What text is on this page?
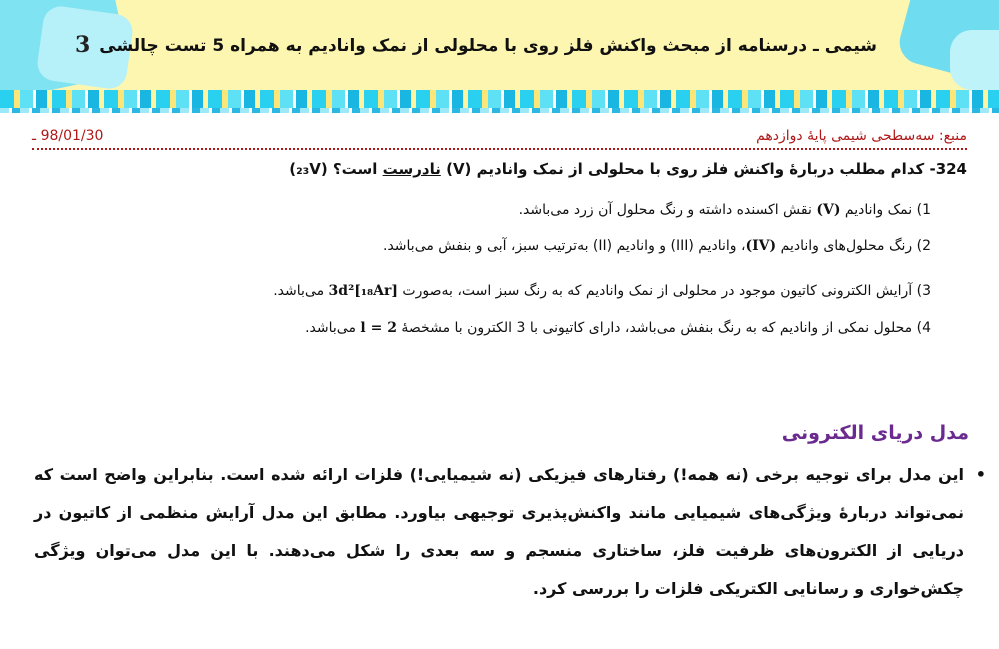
3 شیمی ـ درسنامه از مبحث واکنش فلز روی با محلولی از نمک وانادیم به همراه 5 تست چالشی
منبع: سه‌سطحی شیمی پایهٔ دوازدهم
98/01/30 ـ
324- کدام مطلب دربارهٔ واکنش فلز روی با محلولی از نمک وانادیم (V) نادرست است؟ (₂₃V)
1) نمک وانادیم (V) نقش اکسنده داشته و رنگ محلول آن زرد می‌باشد.
2) رنگ محلول‌های وانادیم (IV)، وانادیم (III) و وانادیم (II) به‌ترتیب سبز، آبی و بنفش می‌باشد.
3) آرایش الکترونی کاتیون موجود در محلولی از نمک وانادیم که به رنگ سبز است، به‌صورت [₁₈Ar]3d² می‌باشد.
4) محلول نمکی از وانادیم که به رنگ بنفش می‌باشد، دارای کاتیونی با 3 الکترون با مشخصهٔ l = 2 می‌باشد.
مدل دریای الکترونی
•
این مدل برای توجیه برخی (نه همه!) رفتارهای فیزیکی (نه شیمیایی!) فلزات ارائه شده است. بنابراین واضح است که نمی‌تواند دربارهٔ ویژگی‌های شیمیایی مانند واکنش‌پذیری توجیهی بیاورد. مطابق این مدل آرایش منظمی از کاتیون در دریایی از الکترون‌های ظرفیت فلز، ساختاری منسجم و سه بعدی را شکل می‌دهند. با این مدل می‌توان ویژگی چکش‌خواری و رسانایی الکتریکی فلزات را بررسی کرد.
